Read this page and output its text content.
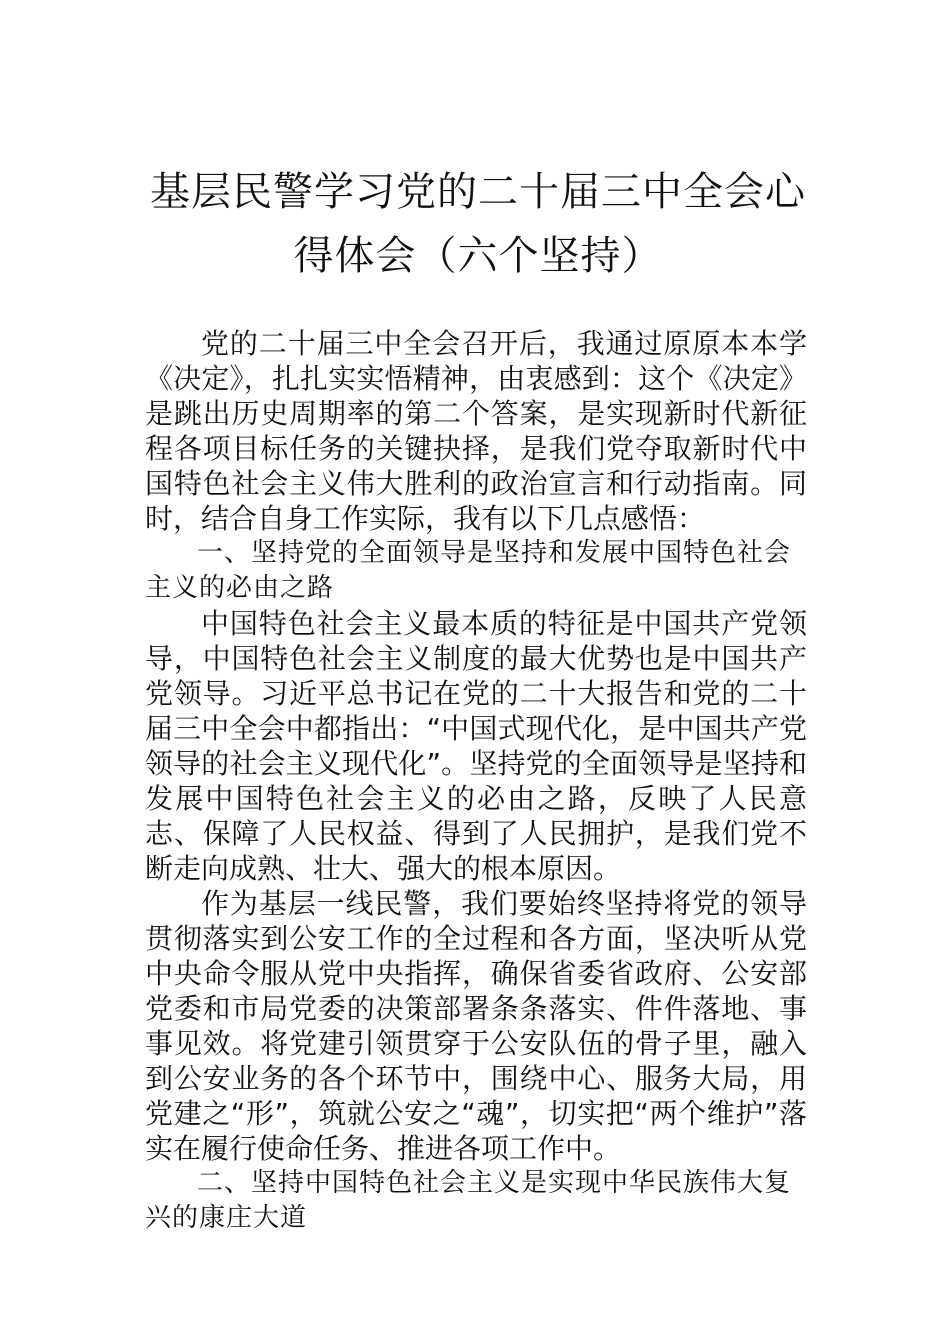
基层民警学习党的二十届三中全会心得体会（六个坚持）

党的二十届三中全会召开后，我通过原原本本学《决定》，扎扎实实悟精神，由衷感到：这个《决定》是跳出历史周期率的第二个答案，是实现新时代新征程各项目标任务的关键抉择，是我们党夺取新时代中国特色社会主义伟大胜利的政治宣言和行动指南。同时，结合自身工作实际，我有以下几点感悟：

一、坚持党的全面领导是坚持和发展中国特色社会主义的必由之路

中国特色社会主义最本质的特征是中国共产党领导，中国特色社会主义制度的最大优势也是中国共产党领导。习近平总书记在党的二十大报告和党的二十届三中全会中都指出：“中国式现代化，是中国共产党领导的社会主义现代化”。坚持党的全面领导是坚持和发展中国特色社会主义的必由之路，反映了人民意志、保障了人民权益、得到了人民拥护，是我们党不断走向成熟、壮大、强大的根本原因。

作为基层一线民警，我们要始终坚持将党的领导贯彻落实到公安工作的全过程和各方面，坚决听从党中央命令服从党中央指挥，确保省委省政府、公安部党委和市局党委的决策部署条条落实、件件落地、事事见效。将党建引领贯穿于公安队伍的骨子里，融入到公安业务的各个环节中，围绕中心、服务大局，用党建之“形”，筑就公安之“魂”，切实把“两个维护”落实在履行使命任务、推进各项工作中。

二、坚持中国特色社会主义是实现中华民族伟大复兴的康庄大道
